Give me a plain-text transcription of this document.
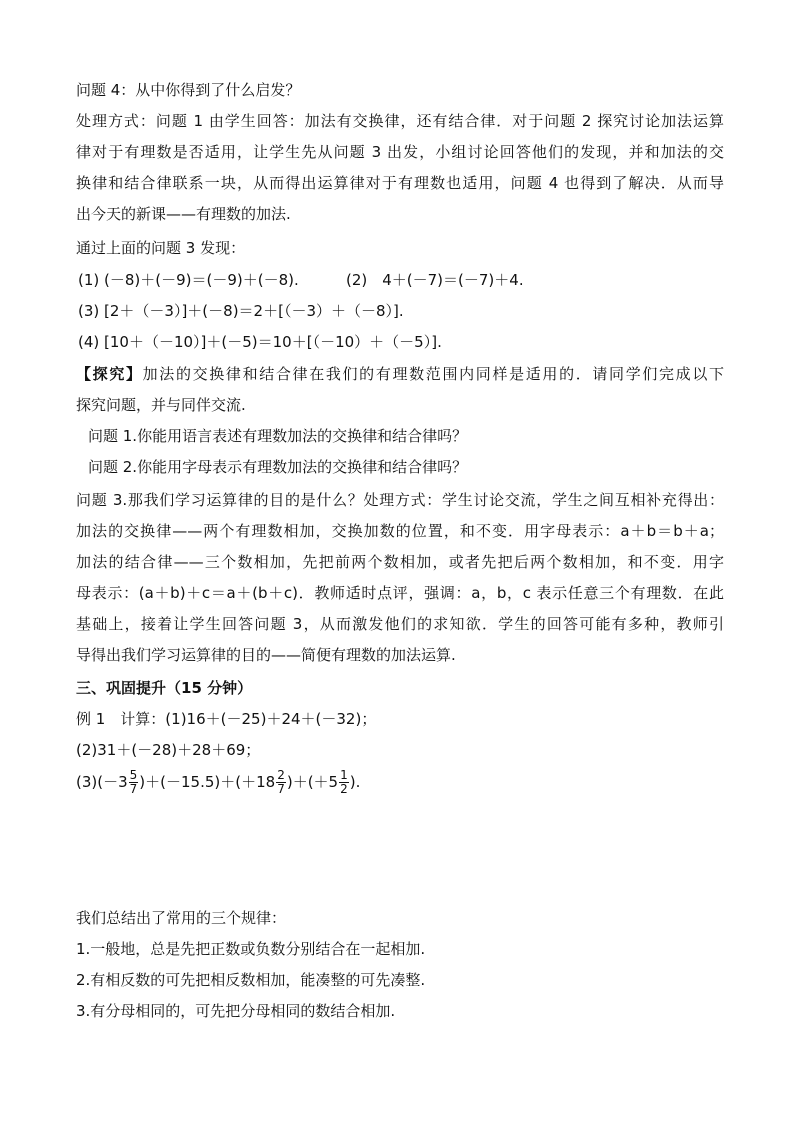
问题 4：从中你得到了什么启发？
处理方式：问题 1 由学生回答：加法有交换律，还有结合律．对于问题 2 探究讨论加法运算
律对于有理数是否适用，让学生先从问题 3 出发，小组讨论回答他们的发现，并和加法的交
换律和结合律联系一块，从而得出运算律对于有理数也适用，问题 4 也得到了解决．从而导
出今天的新课——有理数的加法.
通过上面的问题 3 发现：
(1) (－8)＋(－9)＝(－9)＋(－8).	(2)　4＋(－7)＝(－7)＋4.
(3) [2＋（－3）]＋(－8)＝2＋[（－3）＋（－8）].
(4) [10＋（－10）]＋(－5)＝10＋[（－10）＋（－5）].
【探究】加法的交换律和结合律在我们的有理数范围内同样是适用的．请同学们完成以下
探究问题，并与同伴交流.
问题 1.你能用语言表述有理数加法的交换律和结合律吗？
问题 2.你能用字母表示有理数加法的交换律和结合律吗？
问题 3.那我们学习运算律的目的是什么？处理方式：学生讨论交流，学生之间互相补充得出：
加法的交换律——两个有理数相加，交换加数的位置，和不变．用字母表示：a＋b＝b＋a；
加法的结合律——三个数相加，先把前两个数相加，或者先把后两个数相加，和不变．用字
母表示：(a＋b)＋c＝a＋(b＋c)．教师适时点评，强调：a，b，c 表示任意三个有理数．在此
基础上，接着让学生回答问题 3，从而激发他们的求知欲．学生的回答可能有多种，教师引
导得出我们学习运算律的目的——简便有理数的加法运算.
三、巩固提升（15 分钟）
例 1　计算：(1)16＋(－25)＋24＋(－32)；
(2)31＋(－28)＋28＋69；
$(3)(-3 \frac{5}{7} )+(-15.5)+(+18 \frac{2}{7} )+(+5 \frac{1}{2}$ ).
我们总结出了常用的三个规律：
1.一般地，总是先把正数或负数分别结合在一起相加.
2.有相反数的可先把相反数相加，能凑整的可先凑整.
3.有分母相同的，可先把分母相同的数结合相加.
